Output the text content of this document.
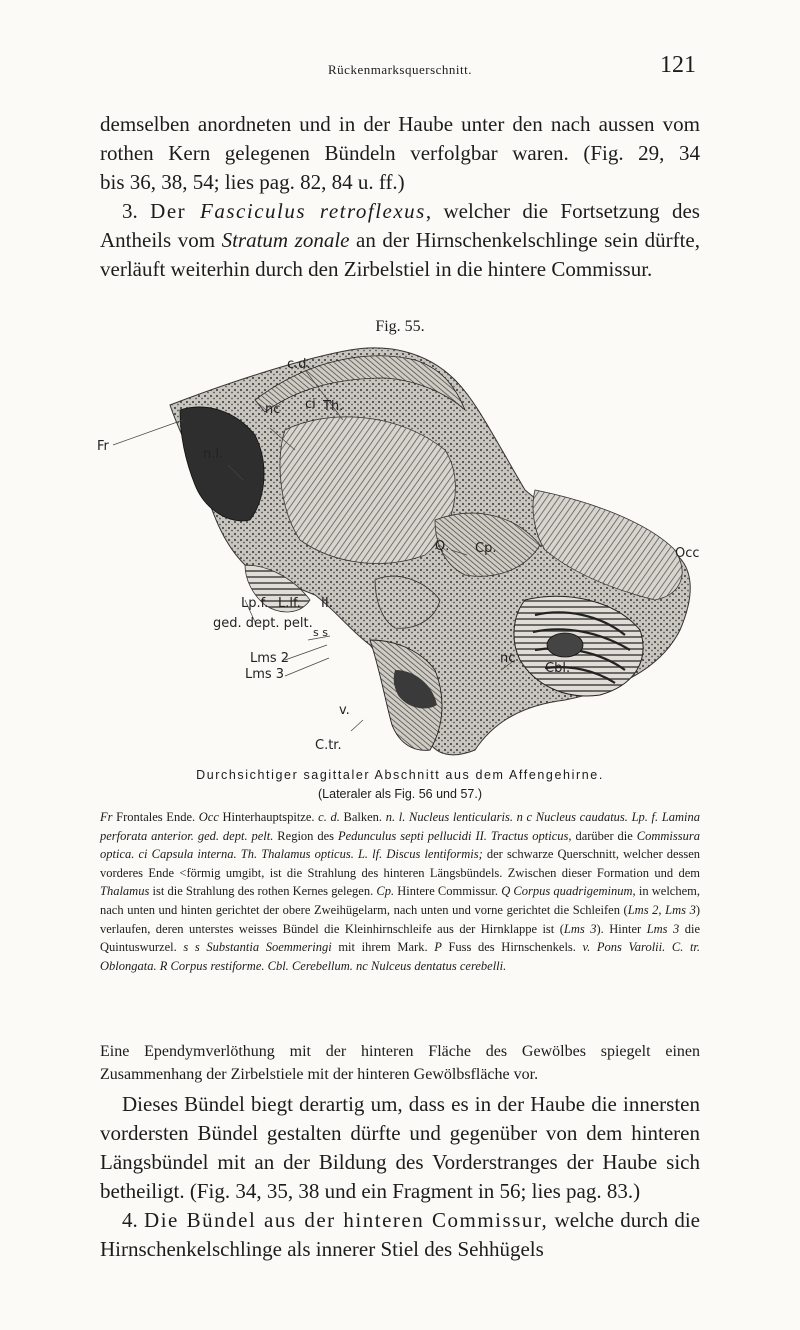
Rückenmarksquerschnitt.	121

demselben anordneten und in der Haube unter den nach aussen vom

rothen Kern gelegenen Bündeln verfolgbar waren. (Fig. 29, 34

bis 36, 38, 54; lies pag. 82, 84 u. ff.)

3. Der Fasciculus retroflexus, welcher die Fortsetzung des Antheils vom Stratum zonale an der Hirnschenkelschlinge sein dürfte, verläuft weiterhin durch den Zirbelstiel in die hintere Commissur.

Fig. 55.
c.d.
nc ci Th.
Fr
n.l.
Q. Cp.	Occ
Lp.f. L.lf. II.
s s
ged. dept. pelt.
Lms 2
Lms 3
nc
Cbl.
v.
C.tr.
Durchsichtiger sagittaler Abschnitt aus dem Affengehirne.
(Lateraler als Fig. 56 und 57.)
Fr Frontales Ende. Occ Hinterhauptspitze. c. d. Balken. n. l. Nucleus lenticularis. n c Nucleus caudatus. Lp. f. Lamina perforata anterior. ged. dept. pelt. Region des Pedunculus septi pellucidi II. Tractus opticus, darüber die Commissura optica. ci Capsula interna. Th. Thalamus opticus. L. lf. Discus lentiformis; der schwarze Querschnitt, welcher dessen vorderes Ende <förmig umgibt, ist die Strahlung des hinteren Längsbündels. Zwischen dieser Formation und dem Thalamus ist die Strahlung des rothen Kernes gelegen. Cp. Hintere Commissur. Q Corpus quadrigeminum, in welchem, nach unten und hinten gerichtet der obere Zweihügelarm, nach unten und vorne gerichtet die Schleifen (Lms 2, Lms 3) verlaufen, deren unterstes weisses Bündel die Kleinhirnschleife aus der Hirnklappe ist (Lms 3). Hinter Lms 3 die Quintuswurzel. s s Substantia Soemmeringi mit ihrem Mark. P Fuss des Hirnschenkels. v. Pons Varolii. C. tr. Oblongata. R Corpus restiforme. Cbl. Cerebellum. nc Nulceus dentatus cerebelli.
Eine Ependymverlöthung mit der hinteren Fläche des Gewölbes spiegelt einen Zusammenhang der Zirbelstiele mit der hinteren Gewölbsfläche vor.

Dieses Bündel biegt derartig um, dass es in der Haube die innersten vordersten Bündel gestalten dürfte und gegenüber von dem hinteren Längsbündel mit an der Bildung des Vorderstranges der Haube sich betheiligt. (Fig. 34, 35, 38 und ein Fragment in 56; lies pag. 83.)

4. Die Bündel aus der hinteren Commissur, welche durch die Hirnschenkelschlinge als innerer Stiel des Sehhügels
